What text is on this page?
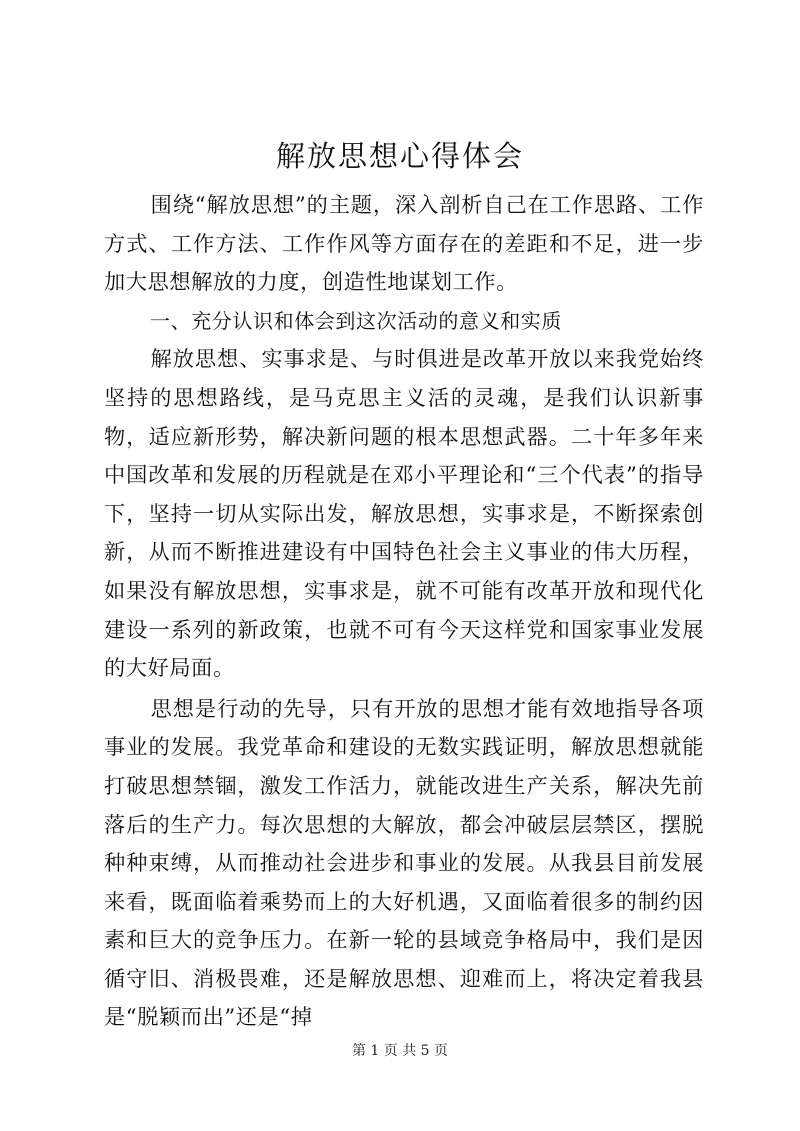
解放思想心得体会

围绕“解放思想”的主题，深入剖析自己在工作思路、工作方式、工作方法、工作作风等方面存在的差距和不足，进一步加大思想解放的力度，创造性地谋划工作。

一、充分认识和体会到这次活动的意义和实质

解放思想、实事求是、与时俱进是改革开放以来我党始终坚持的思想路线，是马克思主义活的灵魂，是我们认识新事物，适应新形势，解决新问题的根本思想武器。二十年多年来中国改革和发展的历程就是在邓小平理论和“三个代表”的指导下，坚持一切从实际出发，解放思想，实事求是，不断探索创新，从而不断推进建设有中国特色社会主义事业的伟大历程，如果没有解放思想，实事求是，就不可能有改革开放和现代化建设一系列的新政策，也就不可有今天这样党和国家事业发展的大好局面。

思想是行动的先导，只有开放的思想才能有效地指导各项事业的发展。我党革命和建设的无数实践证明，解放思想就能打破思想禁锢，激发工作活力，就能改进生产关系，解决先前落后的生产力。每次思想的大解放，都会冲破层层禁区，摆脱种种束缚，从而推动社会进步和事业的发展。从我县目前发展来看，既面临着乘势而上的大好机遇，又面临着很多的制约因素和巨大的竞争压力。在新一轮的县域竞争格局中，我们是因循守旧、消极畏难，还是解放思想、迎难而上，将决定着我县是“脱颖而出”还是“掉

第 1 页 共 5 页
